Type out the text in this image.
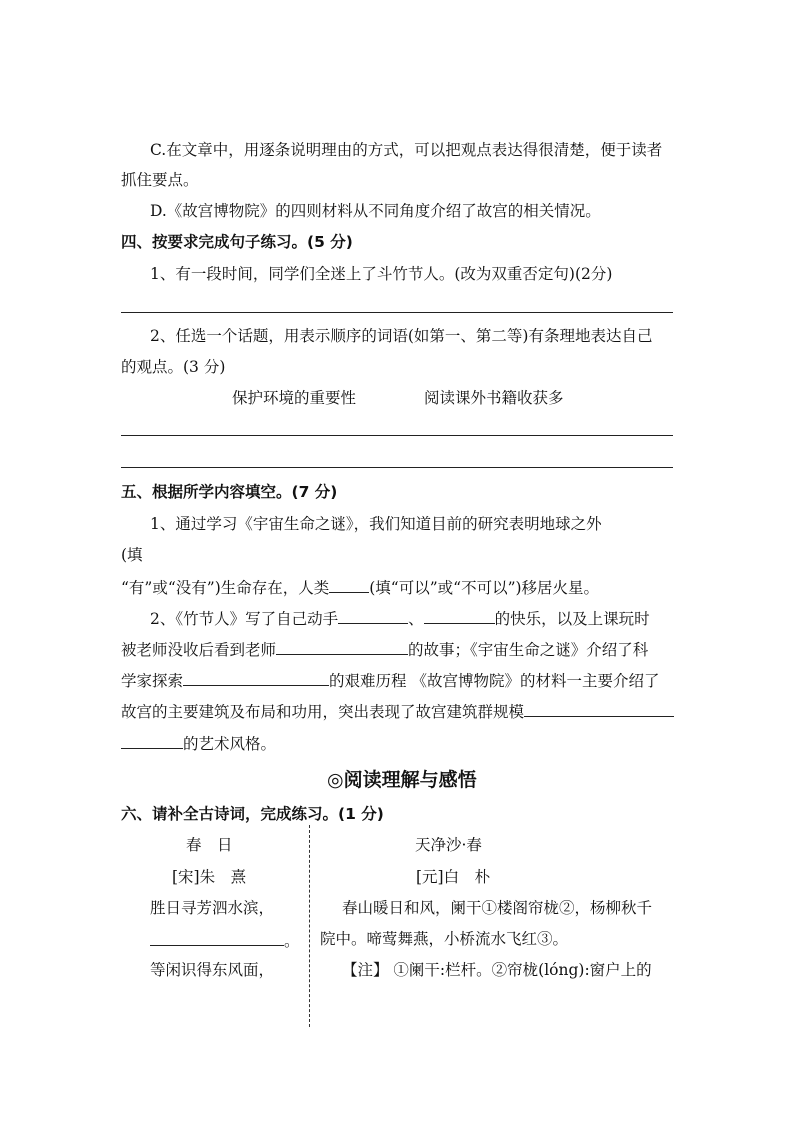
C.在文章中，用逐条说明理由的方式，可以把观点表达得很清楚，便于读者
抓住要点。
D.《故宫博物院》的四则材料从不同角度介绍了故宫的相关情况。
四、按要求完成句子练习。(5 分)
1、有一段时间，同学们全迷上了斗竹节人。(改为双重否定句)(2分)
2、任选一个话题，用表示顺序的词语(如第一、第二等)有条理地表达自己
的观点。(3 分)
保护环境的重要性	阅读课外书籍收获多
五、根据所学内容填空。(7 分)
1、通过学习《宇宙生命之谜》，我们知道目前的研究表明地球之外
(填
“有”或“没有”)生命存在，人类	(填“可以”或“不可以”)移居火星。
2、《竹节人》写了自己动手	、	的快乐，以及上课玩时
被老师没收后看到老师	的故事；《宇宙生命之谜》介绍了科
学家探索	的艰难历程 《故宫博物院》的材料一主要介绍了
故宫的主要建筑及布局和功用，突出表现了故宫建筑群规模
的艺术风格。
◎阅读理解与感悟
六、请补全古诗词，完成练习。(1 分)
春　日
[宋]朱　熹
胜日寻芳泗水滨，
。
等闲识得东风面，
天净沙·春
[元]白　朴
春山暖日和风，阑干①楼阁帘栊②，杨柳秋千
院中。啼莺舞燕，小桥流水飞红③。
【注】 ①阑干:栏杆。②帘栊(lóng):窗户上的
